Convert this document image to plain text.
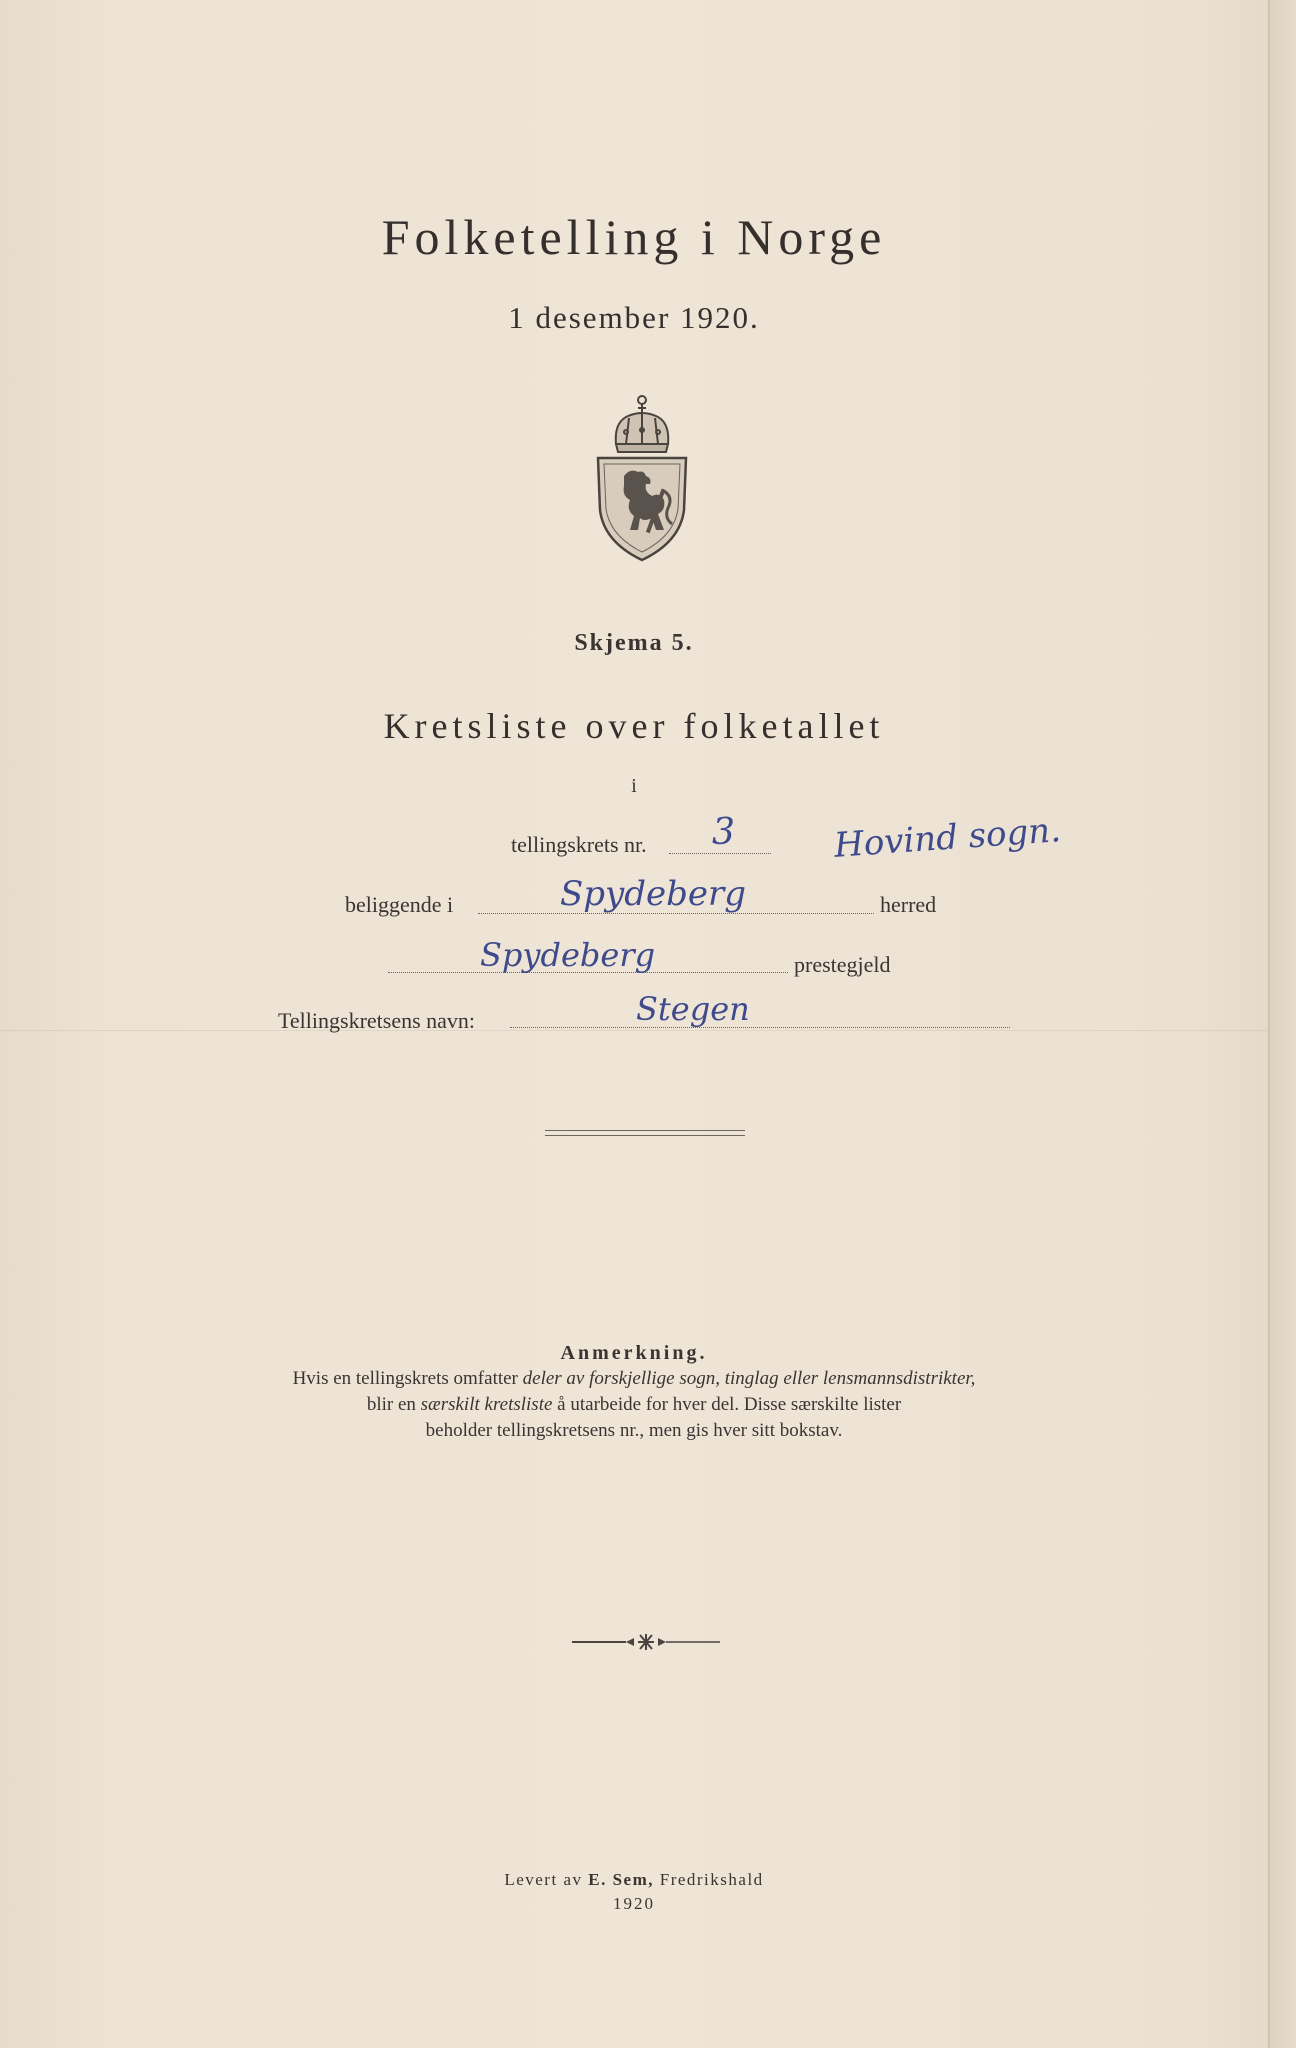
Folketelling i Norge
1 desember 1920.
Skjema 5.
Kretsliste over folketallet
i
tellingskrets nr. 3	Hovind sogn.
beliggende i	Spydeberg	herred
Spydeberg	prestegjeld
Tellingskretsens navn:	Stegen
Anmerkning.
Hvis en tellingskrets omfatter deler av forskjellige sogn, tinglag eller lensmannsdistrikter,
blir en særskilt kretsliste å utarbeide for hver del. Disse særskilte lister
beholder tellingskretsens nr., men gis hver sitt bokstav.
Levert av E. Sem, Fredrikshald
1920
